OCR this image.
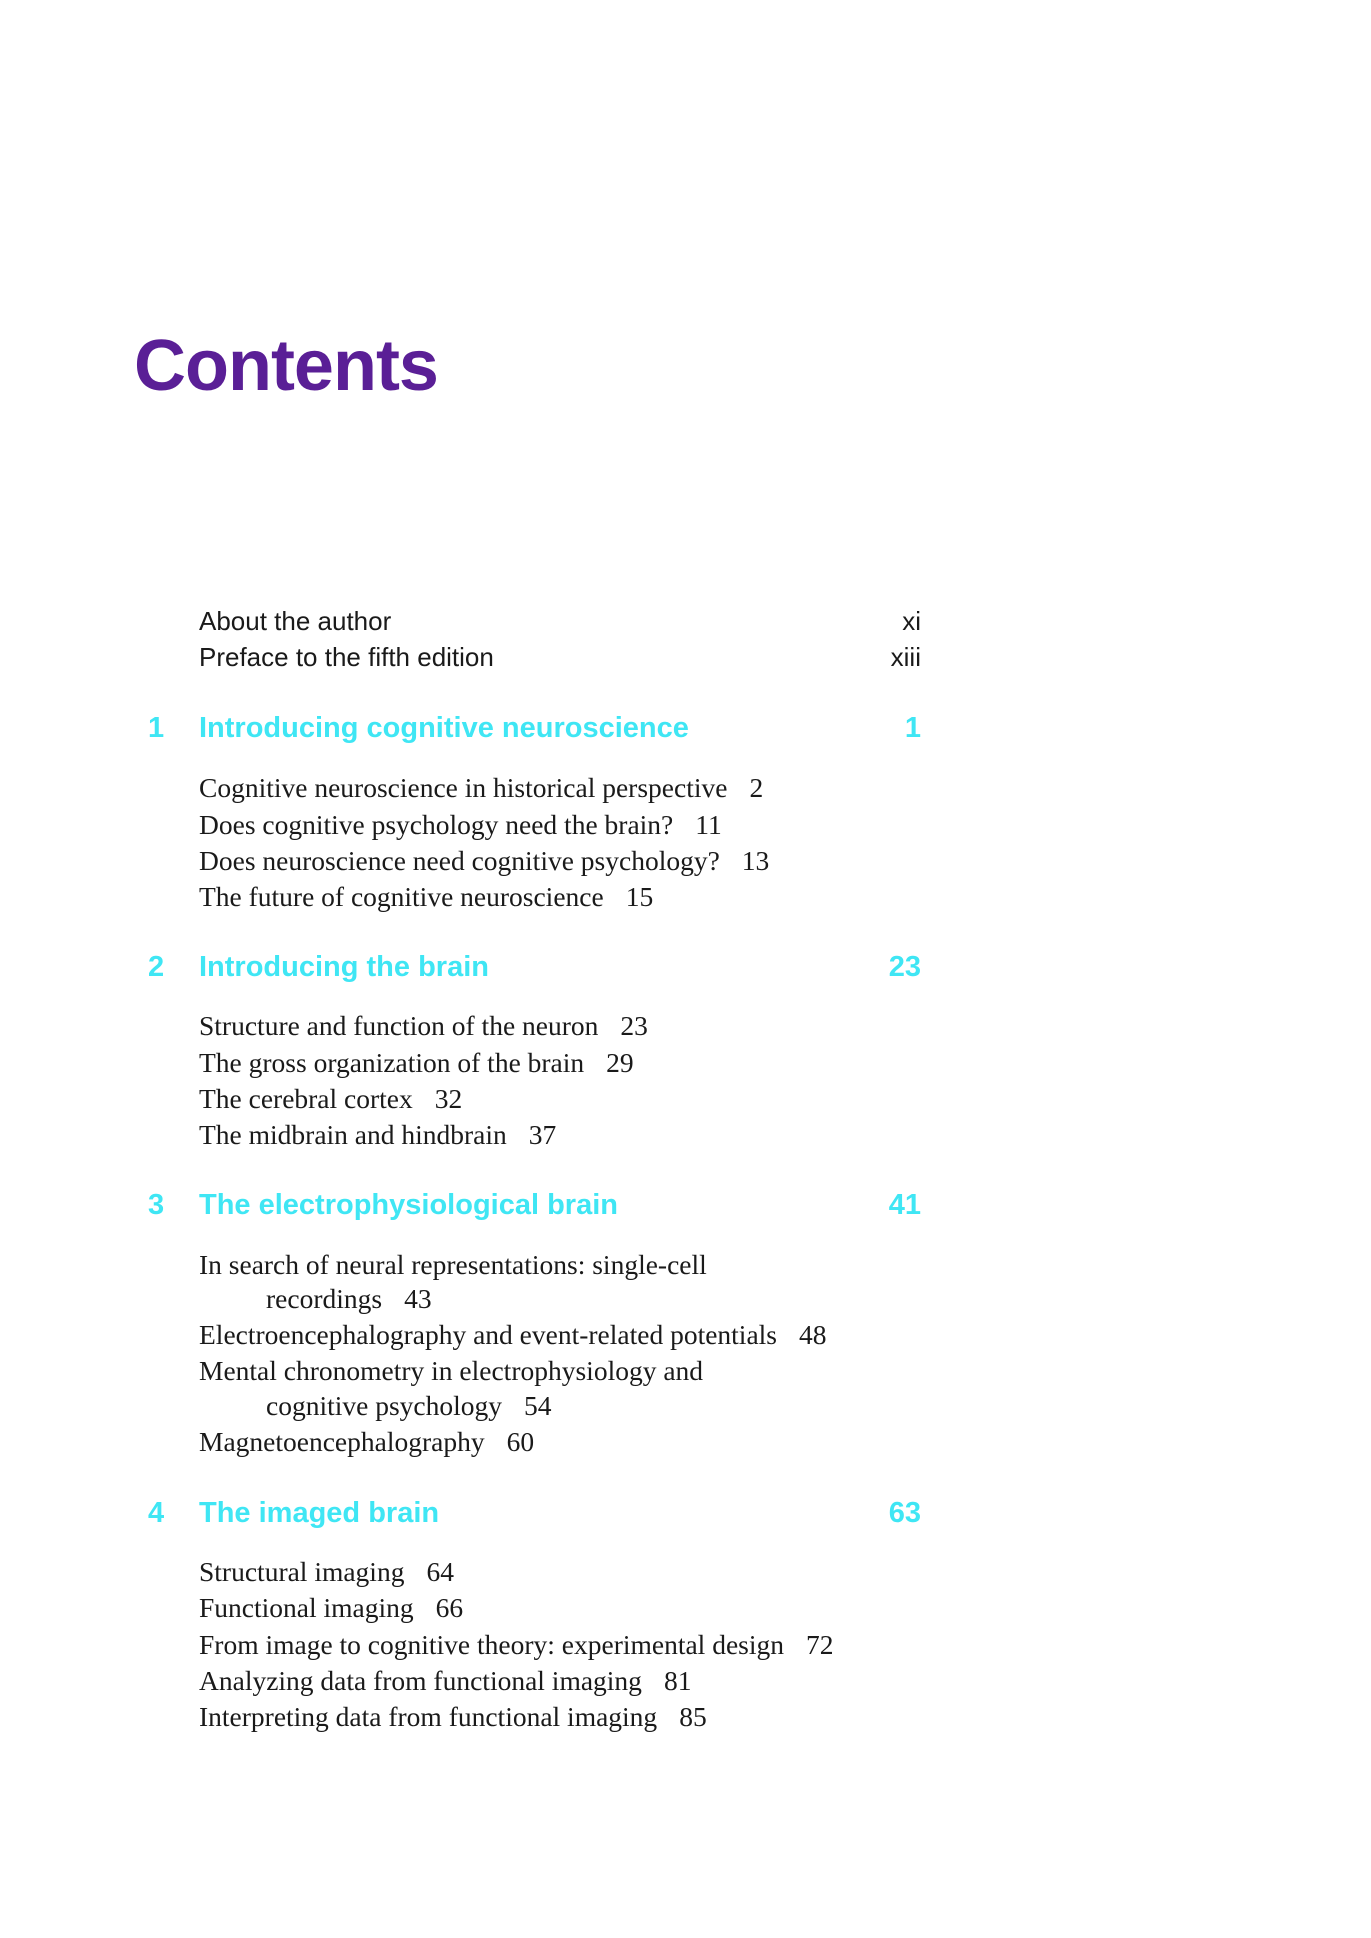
Contents
About the author	xi
Preface to the fifth edition	xiii
1 Introducing cognitive neuroscience	1
Cognitive neuroscience in historical perspective 2
Does cognitive psychology need the brain? 11
Does neuroscience need cognitive psychology? 13
The future of cognitive neuroscience 15
2 Introducing the brain	23
Structure and function of the neuron 23
The gross organization of the brain 29
The cerebral cortex 32
The midbrain and hindbrain 37
3 The electrophysiological brain	41
In search of neural representations: single-cell
recordings 43
Electroencephalography and event-related potentials 48
Mental chronometry in electrophysiology and
cognitive psychology 54
Magnetoencephalography 60
4 The imaged brain	63
Structural imaging 64
Functional imaging 66
From image to cognitive theory: experimental design 72
Analyzing data from functional imaging 81
Interpreting data from functional imaging 85
